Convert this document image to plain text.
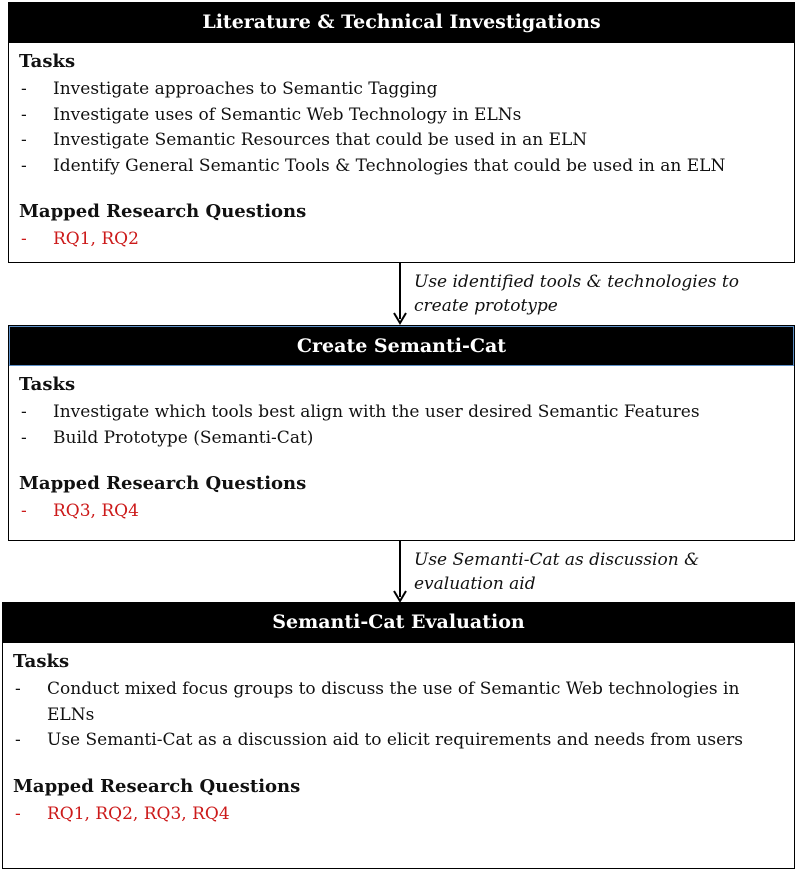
Literature & Technical Investigations
Tasks
- Investigate approaches to Semantic Tagging
- Investigate uses of Semantic Web Technology in ELNs
- Investigate Semantic Resources that could be used in an ELN
- Identify General Semantic Tools & Technologies that could be used in an ELN
Mapped Research Questions
- RQ1, RQ2
Use identified tools & technologies to
create prototype
Create Semanti-Cat
Tasks
- Investigate which tools best align with the user desired Semantic Features
- Build Prototype (Semanti-Cat)
Mapped Research Questions
- RQ3, RQ4
Use Semanti-Cat as discussion &
evaluation aid
Semanti-Cat Evaluation
Tasks
- Conduct mixed focus groups to discuss the use of Semantic Web technologies in ELNs
- Use Semanti-Cat as a discussion aid to elicit requirements and needs from users
Mapped Research Questions
- RQ1, RQ2, RQ3, RQ4
